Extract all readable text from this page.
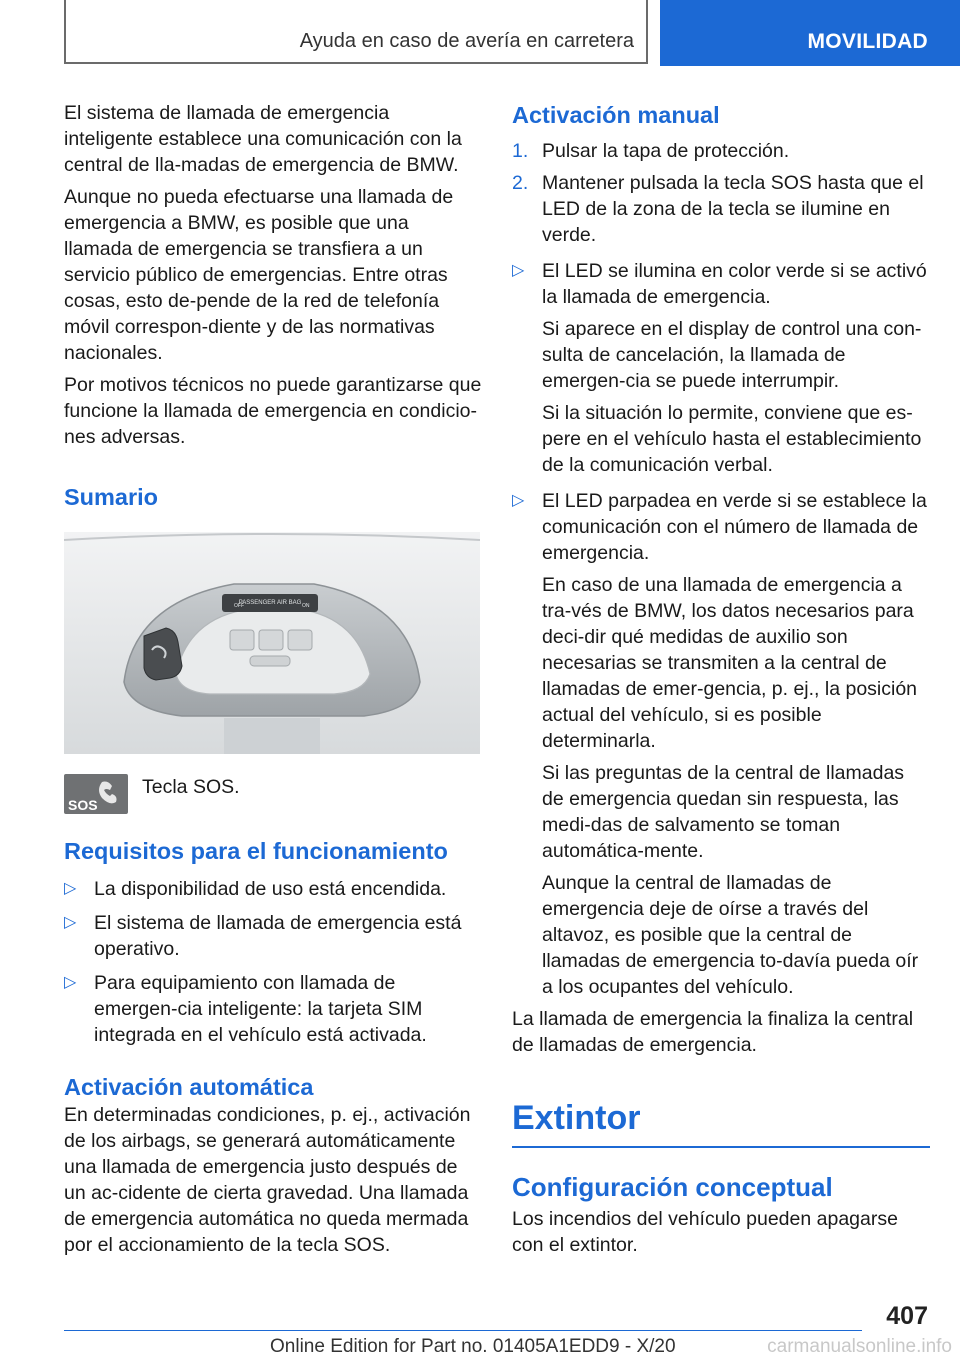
Ayuda en caso de avería en carretera	MOVILIDAD

El sistema de llamada de emergencia inteligente establece una comunicación con la central de lla-madas de emergencia de BMW.

Aunque no pueda efectuarse una llamada de emergencia a BMW, es posible que una llamada de emergencia se transfiera a un servicio público de emergencias. Entre otras cosas, esto de-pende de la red de telefonía móvil correspon-diente y de las normativas nacionales.

Por motivos técnicos no puede garantizarse que funcione la llamada de emergencia en condicio-nes adversas.

Sumario
PASSENGER AIR BAG
OFF	ON
SOS
Tecla SOS.
Requisitos para el funcionamiento
▷ La disponibilidad de uso está encendida.
▷ El sistema de llamada de emergencia está operativo.
▷ Para equipamiento con llamada de emergen-cia inteligente: la tarjeta SIM integrada en el vehículo está activada.
Activación automática

En determinadas condiciones, p. ej., activación de los airbags, se generará automáticamente una llamada de emergencia justo después de un ac-cidente de cierta gravedad. Una llamada de emergencia automática no queda mermada por el accionamiento de la tecla SOS.

Activación manual
1. Pulsar la tapa de protección.
2. Mantener pulsada la tecla SOS hasta que el LED de la zona de la tecla se ilumine en verde.
▷ El LED se ilumina en color verde si se activó la llamada de emergencia.
Si aparece en el display de control una con-sulta de cancelación, la llamada de emergen-cia se puede interrumpir.
Si la situación lo permite, conviene que es-pere en el vehículo hasta el establecimiento de la comunicación verbal.
▷ El LED parpadea en verde si se establece la comunicación con el número de llamada de emergencia.
En caso de una llamada de emergencia a tra-vés de BMW, los datos necesarios para deci-dir qué medidas de auxilio son necesarias se transmiten a la central de llamadas de emer-gencia, p. ej., la posición actual del vehículo, si es posible determinarla.
Si las preguntas de la central de llamadas de emergencia quedan sin respuesta, las medi-das de salvamento se toman automática-mente.
Aunque la central de llamadas de emergencia deje de oírse a través del altavoz, es posible que la central de llamadas de emergencia to-davía pueda oír a los ocupantes del vehículo.

La llamada de emergencia la finaliza la central de llamadas de emergencia.

Extintor
Configuración conceptual

Los incendios del vehículo pueden apagarse con el extintor.

407
Online Edition for Part no. 01405A1EDD9 - X/20	carmanualsonline.info
